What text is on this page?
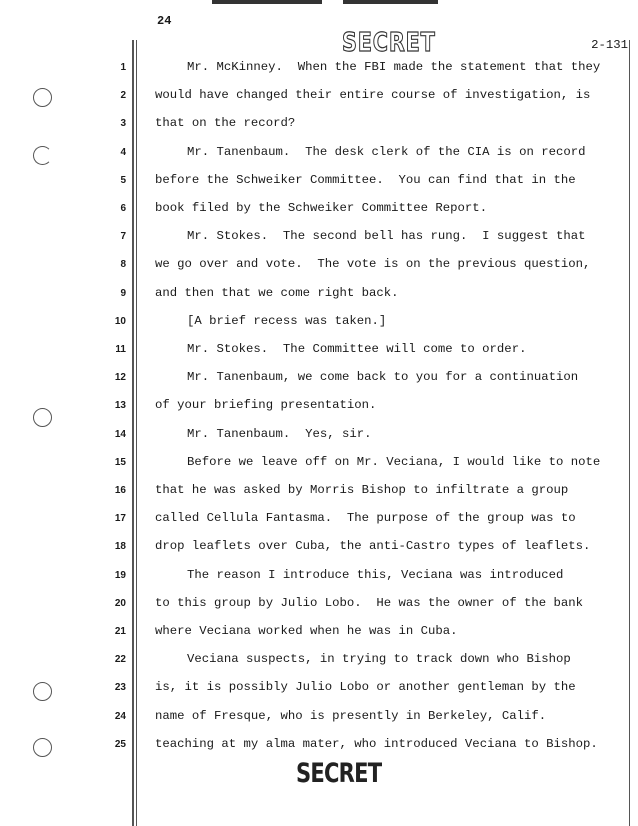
24
SECRET	2-131
SECRET
1	Mr. McKinney.  When the FBI made the statement that they
2 would have changed their entire course of investigation, is
3 that on the record?
4	Mr. Tanenbaum.  The desk clerk of the CIA is on record
5 before the Schweiker Committee.  You can find that in the
6 book filed by the Schweiker Committee Report.
7	Mr. Stokes.  The second bell has rung.  I suggest that
8 we go over and vote.  The vote is on the previous question,
9 and then that we come right back.
10	[A brief recess was taken.]
11	Mr. Stokes.  The Committee will come to order.
12	Mr. Tanenbaum, we come back to you for a continuation
13 of your briefing presentation.
14	Mr. Tanenbaum.  Yes, sir.
15	Before we leave off on Mr. Veciana, I would like to note
16 that he was asked by Morris Bishop to infiltrate a group
17 called Cellula Fantasma.  The purpose of the group was to
18 drop leaflets over Cuba, the anti-Castro types of leaflets.
19	The reason I introduce this, Veciana was introduced
20 to this group by Julio Lobo.  He was the owner of the bank
21 where Veciana worked when he was in Cuba.
22	Veciana suspects, in trying to track down who Bishop
23 is, it is possibly Julio Lobo or another gentleman by the
24 name of Fresque, who is presently in Berkeley, Calif.
25 teaching at my alma mater, who introduced Veciana to Bishop.
